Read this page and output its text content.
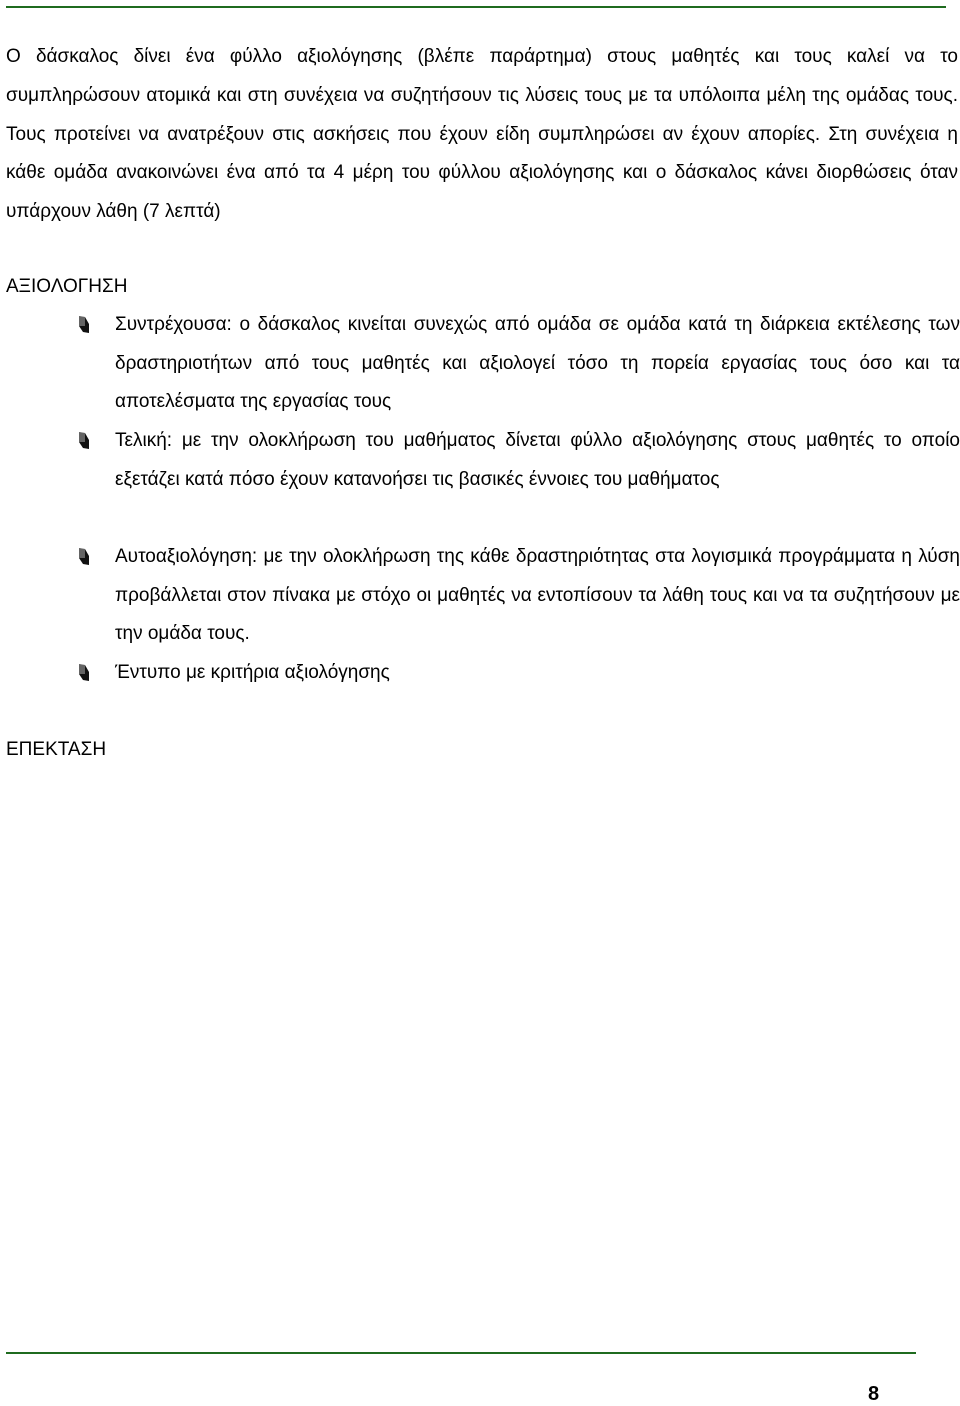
Ο δάσκαλος δίνει ένα φύλλο αξιολόγησης (βλέπε παράρτημα) στους μαθητές και τους καλεί να το συμπληρώσουν ατομικά και στη συνέχεια να συζητήσουν τις λύσεις τους με τα υπόλοιπα μέλη της ομάδας τους. Τους προτείνει να ανατρέξουν στις ασκήσεις που έχουν είδη συμπληρώσει αν έχουν απορίες. Στη συνέχεια η κάθε ομάδα ανακοινώνει ένα από τα 4 μέρη του φύλλου αξιολόγησης και ο δάσκαλος κάνει διορθώσεις όταν υπάρχουν λάθη (7 λεπτά)

ΑΞΙΟΛΟΓΗΣΗ
Συντρέχουσα: ο δάσκαλος κινείται συνεχώς από ομάδα σε ομάδα κατά τη διάρκεια εκτέλεσης των δραστηριοτήτων από τους μαθητές και αξιολογεί τόσο τη πορεία εργασίας τους όσο και τα αποτελέσματα της εργασίας τους
Τελική: με την ολοκλήρωση του μαθήματος δίνεται φύλλο αξιολόγησης στους μαθητές το οποίο εξετάζει κατά πόσο έχουν κατανοήσει τις βασικές έννοιες του μαθήματος
Αυτοαξιολόγηση: με την ολοκλήρωση της κάθε δραστηριότητας στα λογισμικά προγράμματα η λύση προβάλλεται στον πίνακα με στόχο οι μαθητές να εντοπίσουν τα λάθη τους και να τα συζητήσουν με την ομάδα τους.
Έντυπο με κριτήρια αξιολόγησης
ΕΠΕΚΤΑΣΗ
8
